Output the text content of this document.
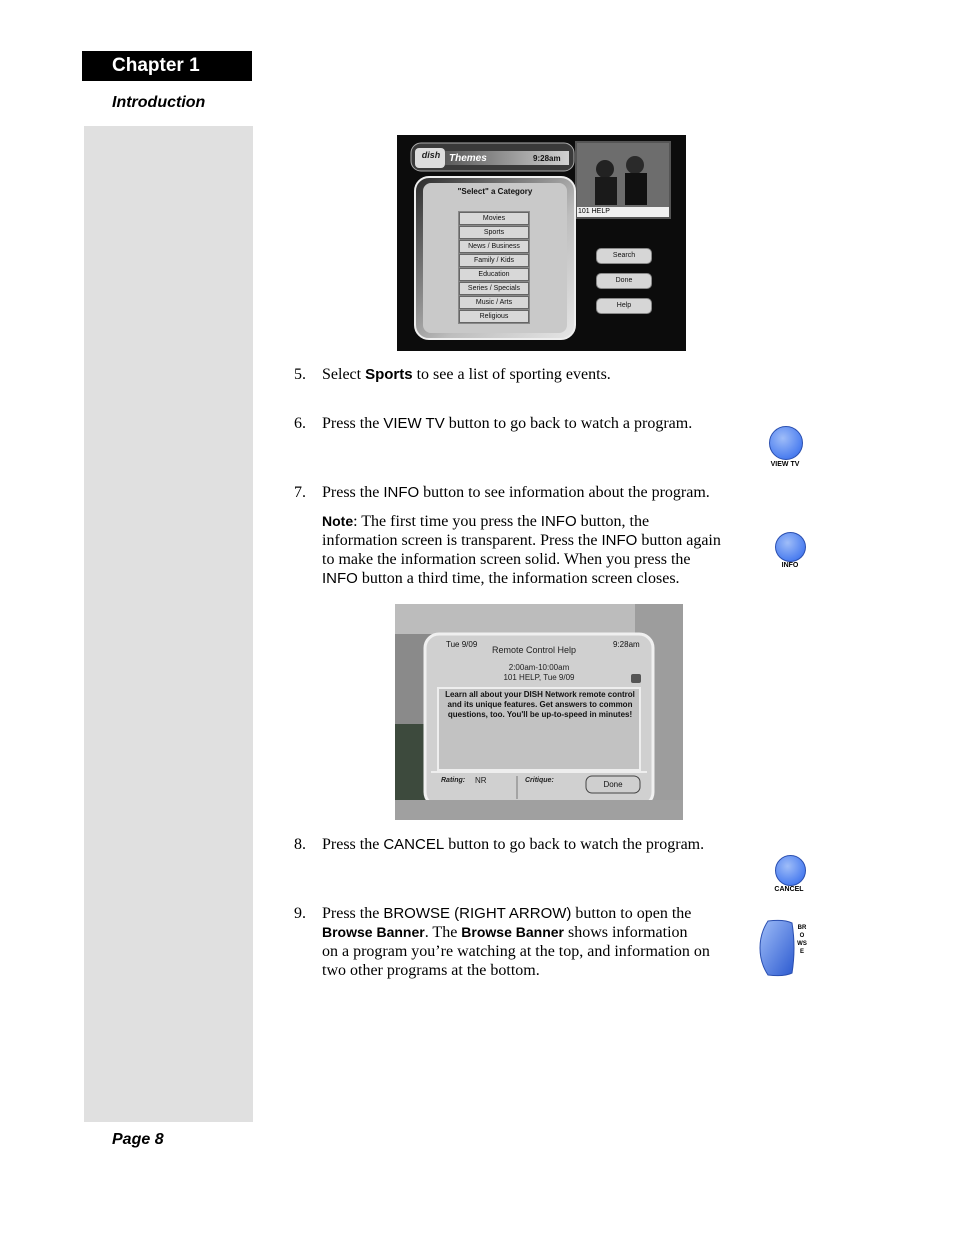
Chapter 1
Introduction
Page 8
dish Themes	9:28am
101 HELP
"Select" a Category
Movies
Sports
News / Business
Family / Kids
Education
Series / Specials
Music / Arts
Religious
Search
Done
Help
5. Select Sports to see a list of sporting events.
6. Press the VIEW TV button to go back to watch a program.
VIEW TV
7. Press the INFO button to see information about the program.
Note: The first time you press the INFO button, the
information screen is transparent. Press the INFO button again
to make the information screen solid. When you press the
INFO button a third time, the information screen closes.
INFO
Tue 9/09
Remote Control Help
9:28am
2:00am-10:00am
101 HELP, Tue 9/09
Learn all about your DISH Network remote control and its unique features. Get answers to common questions, too. You'll be up-to-speed in minutes!
Rating: NR	Critique:	Done
8. Press the CANCEL button to go back to watch the program.
CANCEL
9. Press the BROWSE (RIGHT ARROW) button to open the
Browse Banner. The Browse Banner shows information
on a program you’re watching at the top, and information on
two other programs at the bottom.
BROWSE
